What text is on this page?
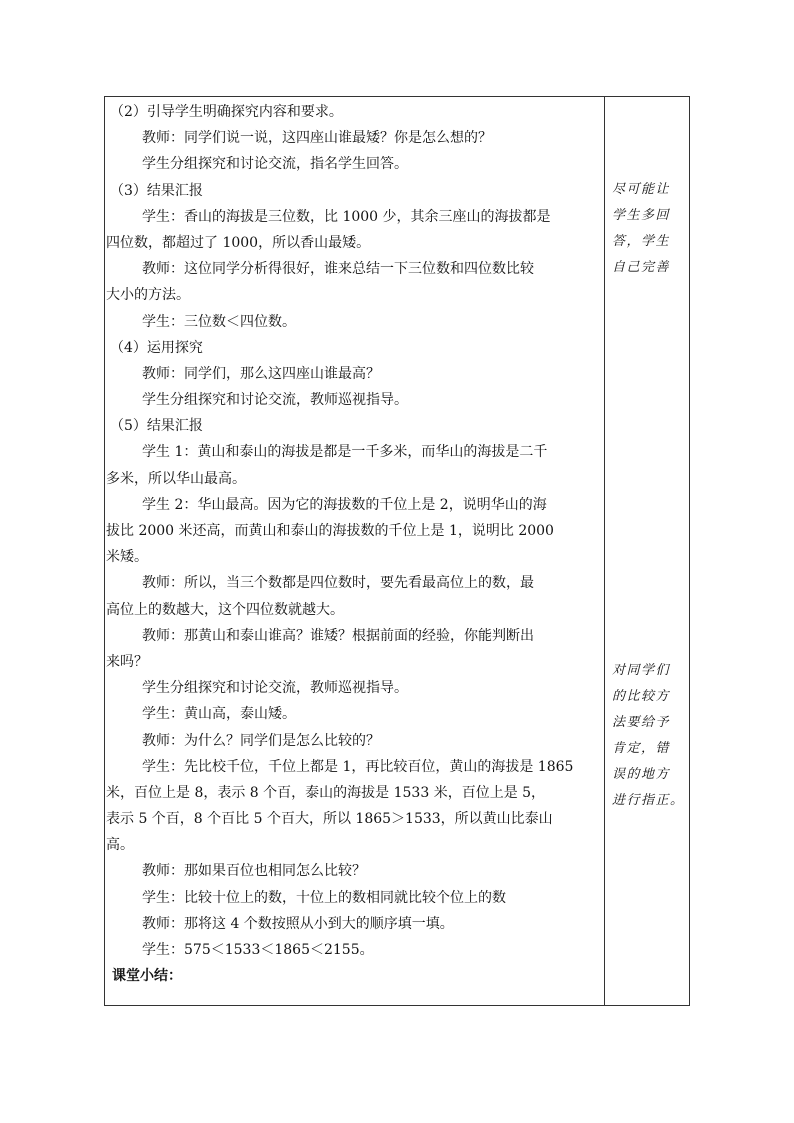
（2）引导学生明确探究内容和要求。
教师：同学们说一说，这四座山谁最矮？你是怎么想的？
学生分组探究和讨论交流，指名学生回答。
（3）结果汇报
学生：香山的海拔是三位数，比 1000 少，其余三座山的海拔都是
四位数，都超过了 1000，所以香山最矮。
教师：这位同学分析得很好，谁来总结一下三位数和四位数比较
大小的方法。
学生：三位数＜四位数。
（4）运用探究
教师：同学们，那么这四座山谁最高？
学生分组探究和讨论交流，教师巡视指导。
（5）结果汇报
学生 1：黄山和泰山的海拔是都是一千多米，而华山的海拔是二千
多米，所以华山最高。
学生 2：华山最高。因为它的海拔数的千位上是 2，说明华山的海
拔比 2000 米还高，而黄山和泰山的海拔数的千位上是 1，说明比 2000
米矮。
教师：所以，当三个数都是四位数时，要先看最高位上的数，最
高位上的数越大，这个四位数就越大。
教师：那黄山和泰山谁高？谁矮？根据前面的经验，你能判断出
来吗？
学生分组探究和讨论交流，教师巡视指导。
学生：黄山高，泰山矮。
教师：为什么？同学们是怎么比较的？
学生：先比校千位，千位上都是 1，再比较百位，黄山的海拔是 1865
米，百位上是 8，表示 8 个百，泰山的海拔是 1533 米，百位上是 5，
表示 5 个百，8 个百比 5 个百大，所以 1865＞1533，所以黄山比泰山
高。
教师：那如果百位也相同怎么比较？
学生：比较十位上的数，十位上的数相同就比较个位上的数
教师：那将这 4 个数按照从小到大的顺序填一填。
学生：575＜1533＜1865＜2155。
课堂小结：
尽可能让
学生多回
答，学生
自己完善
对同学们
的比较方
法要给予
肯定，错
误的地方
进行指正。
